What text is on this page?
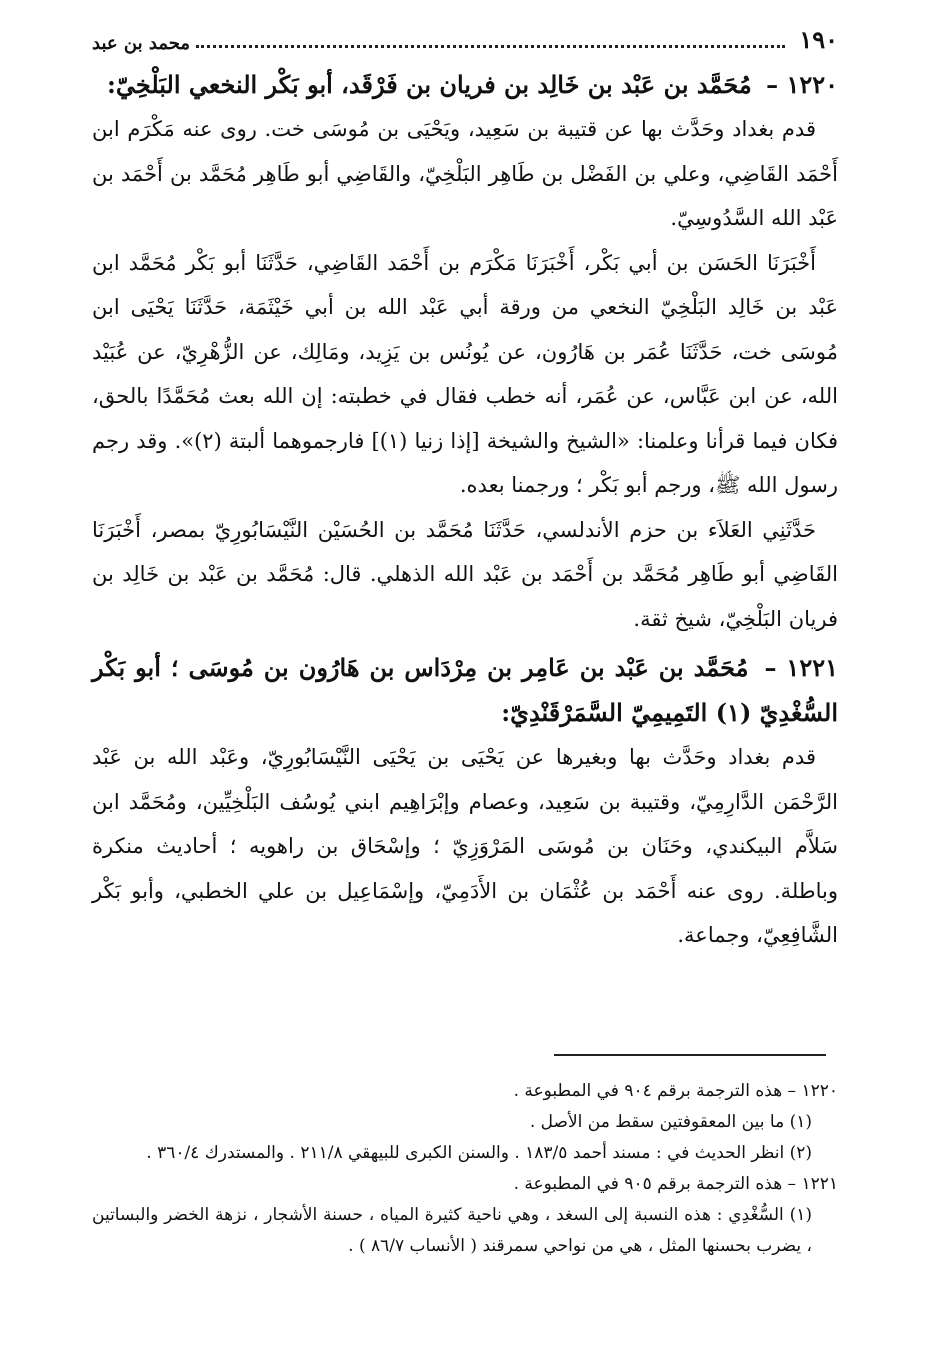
١٩٠
محمد بن عبد

١٢٢٠ – مُحَمَّد بن عَبْد بن خَالِد بن فريان بن فَرْقَد، أبو بَكْر النخعي البَلْخِيّ:

قدم بغداد وحَدَّث بها عن قتيبة بن سَعِيد، ويَحْيَى بن مُوسَى خت. روى عنه مَكْرَم ابن أَحْمَد القَاضِي، وعلي بن الفَضْل بن طَاهِر البَلْخِيّ، والقَاضِي أبو طَاهِر مُحَمَّد بن أَحْمَد بن عَبْد الله السَّدُوسِيّ.

أَخْبَرَنَا الحَسَن بن أبي بَكْر، أَخْبَرَنَا مَكْرَم بن أَحْمَد القَاضِي، حَدَّثَنَا أبو بَكْر مُحَمَّد ابن عَبْد بن خَالِد البَلْخِيّ النخعي من ورقة أبي عَبْد الله بن أبي خَيْثَمَة، حَدَّثَنَا يَحْيَى ابن مُوسَى خت، حَدَّثَنَا عُمَر بن هَارُون، عن يُونُس بن يَزِيد، ومَالِك، عن الزُّهْرِيّ، عن عُبَيْد الله، عن ابن عَبَّاس، عن عُمَر، أنه خطب فقال في خطبته: إن الله بعث مُحَمَّدًا بالحق، فكان فيما قرأنا وعلمنا: «الشيخ والشيخة [إذا زنيا (١)] فارجموهما ألبتة (٢)». وقد رجم رسول الله ﷺ، ورجم أبو بَكْر ؛ ورجمنا بعده.

حَدَّثَنِي العَلاَء بن حزم الأندلسي، حَدَّثَنَا مُحَمَّد بن الحُسَيْن النَّيْسَابُورِيّ بمصر، أَخْبَرَنَا القَاضِي أبو طَاهِر مُحَمَّد بن أَحْمَد بن عَبْد الله الذهلي. قال: مُحَمَّد بن عَبْد بن خَالِد بن فريان البَلْخِيّ، شيخ ثقة.

١٢٢١ – مُحَمَّد بن عَبْد بن عَامِر بن مِرْدَاس بن هَارُون بن مُوسَى ؛ أبو بَكْر السُّغْدِيّ (١) التَمِيمِيّ السَّمَرْقَنْدِيّ:

قدم بغداد وحَدَّث بها وبغيرها عن يَحْيَى بن يَحْيَى النَّيْسَابُورِيّ، وعَبْد الله بن عَبْد الرَّحْمَن الدَّارِمِيّ، وقتيبة بن سَعِيد، وعصام وإبْرَاهِيم ابني يُوسُف البَلْخِيِّين، ومُحَمَّد ابن سَلاَّم البيكندي، وحَنَان بن مُوسَى المَرْوَزِيّ ؛ وإسْحَاق بن راهويه ؛ أحاديث منكرة وباطلة. روى عنه أَحْمَد بن عُثْمَان بن الأَدَمِيّ، وإسْمَاعِيل بن علي الخطبي، وأبو بَكْر الشَّافِعِيّ، وجماعة.

١٢٢٠ – هذه الترجمة برقم ٩٠٤ في المطبوعة .

(١) ما بين المعقوفتين سقط من الأصل .

(٢) انظر الحديث في : مسند أحمد ١٨٣/٥ . والسنن الكبرى للبيهقي ٢١١/٨ . والمستدرك ٣٦٠/٤ .

١٢٢١ – هذه الترجمة برقم ٩٠٥ في المطبوعة .

(١) السُّغْدِي : هذه النسبة إلى السغد ، وهي ناحية كثيرة المياه ، حسنة الأشجار ، نزهة الخضر والبساتين ، يضرب بحسنها المثل ، هي من نواحي سمرقند ( الأنساب ٨٦/٧ ) .
